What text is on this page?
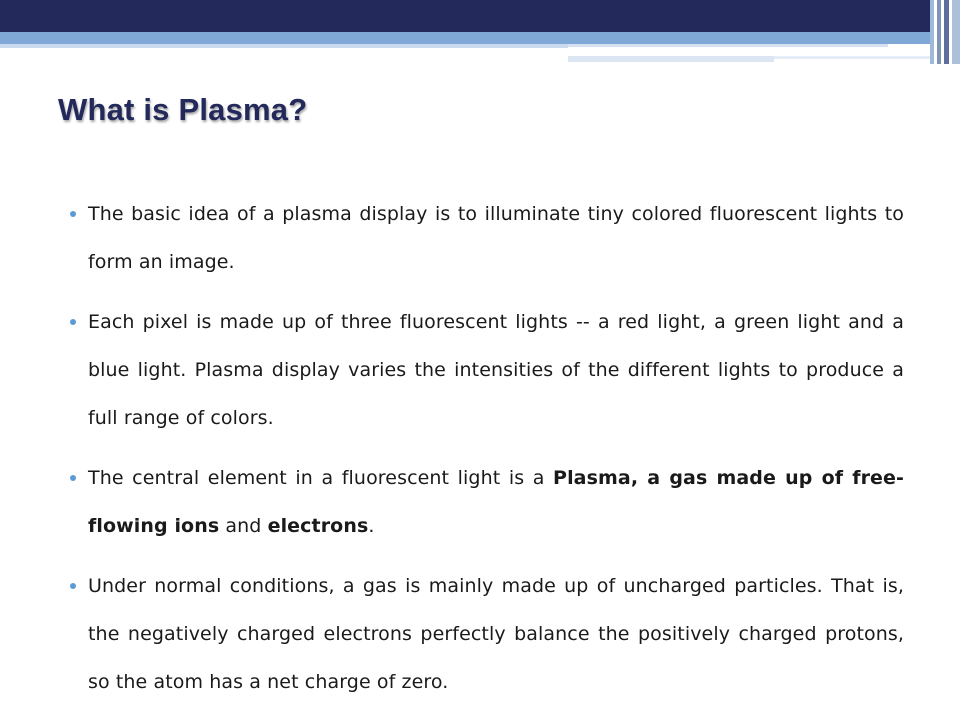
What is Plasma?
The basic idea of a plasma display is to illuminate tiny colored fluorescent lights to form an image.
Each pixel is made up of three fluorescent lights -- a red light, a green light and a blue light. Plasma display varies the intensities of the different lights to produce a full range of colors.
The central element in a fluorescent light is a Plasma, a gas made up of free-flowing ions and electrons.
Under normal conditions, a gas is mainly made up of uncharged particles. That is, the negatively charged electrons perfectly balance the positively charged protons, so the atom has a net charge of zero.
